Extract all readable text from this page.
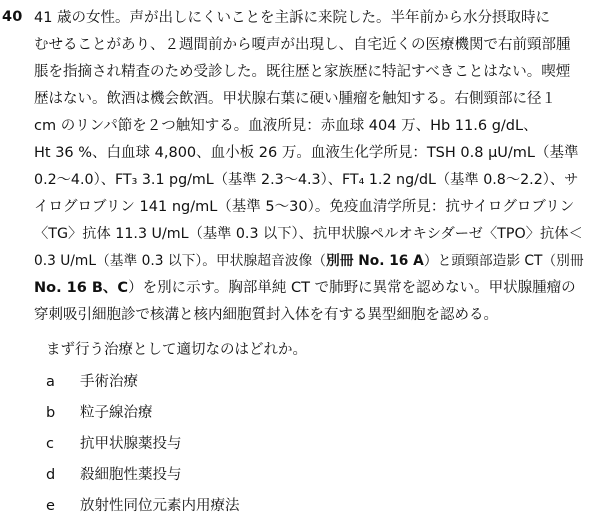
40 41 歳の女性。声が出しにくいことを主訴に来院した。半年前から水分摂取時に
むせることがあり、２週間前から嗄声が出現し、自宅近くの医療機関で右前頸部腫
脹を指摘され精査のため受診した。既往歴と家族歴に特記すべきことはない。喫煙
歴はない。飲酒は機会飲酒。甲状腺右葉に硬い腫瘤を触知する。右側頸部に径１
cm のリンパ節を２つ触知する。血液所見：赤血球 404 万、Hb 11.6 g/dL、
Ht 36 %、白血球 4,800、血小板 26 万。血液生化学所見：TSH 0.8 μU/mL（基準
0.2〜4.0）、FT₃ 3.1 pg/mL（基準 2.3〜4.3）、FT₄ 1.2 ng/dL（基準 0.8〜2.2）、サ
イログロブリン 141 ng/mL（基準 5〜30）。免疫血清学所見：抗サイログロブリン
〈TG〉抗体 11.3 U/mL（基準 0.3 以下）、抗甲状腺ペルオキシダーゼ〈TPO〉抗体＜
0.3 U/mL（基準 0.3 以下）。甲状腺超音波像（別冊 No. 16 A）と頭頸部造影 CT（別冊
No. 16 B、C）を別に示す。胸部単純 CT で肺野に異常を認めない。甲状腺腫瘤の
穿刺吸引細胞診で核溝と核内細胞質封入体を有する異型細胞を認める。
まず行う治療として適切なのはどれか。
a 手術治療
b 粒子線治療
c 抗甲状腺薬投与
d 殺細胞性薬投与
e 放射性同位元素内用療法
